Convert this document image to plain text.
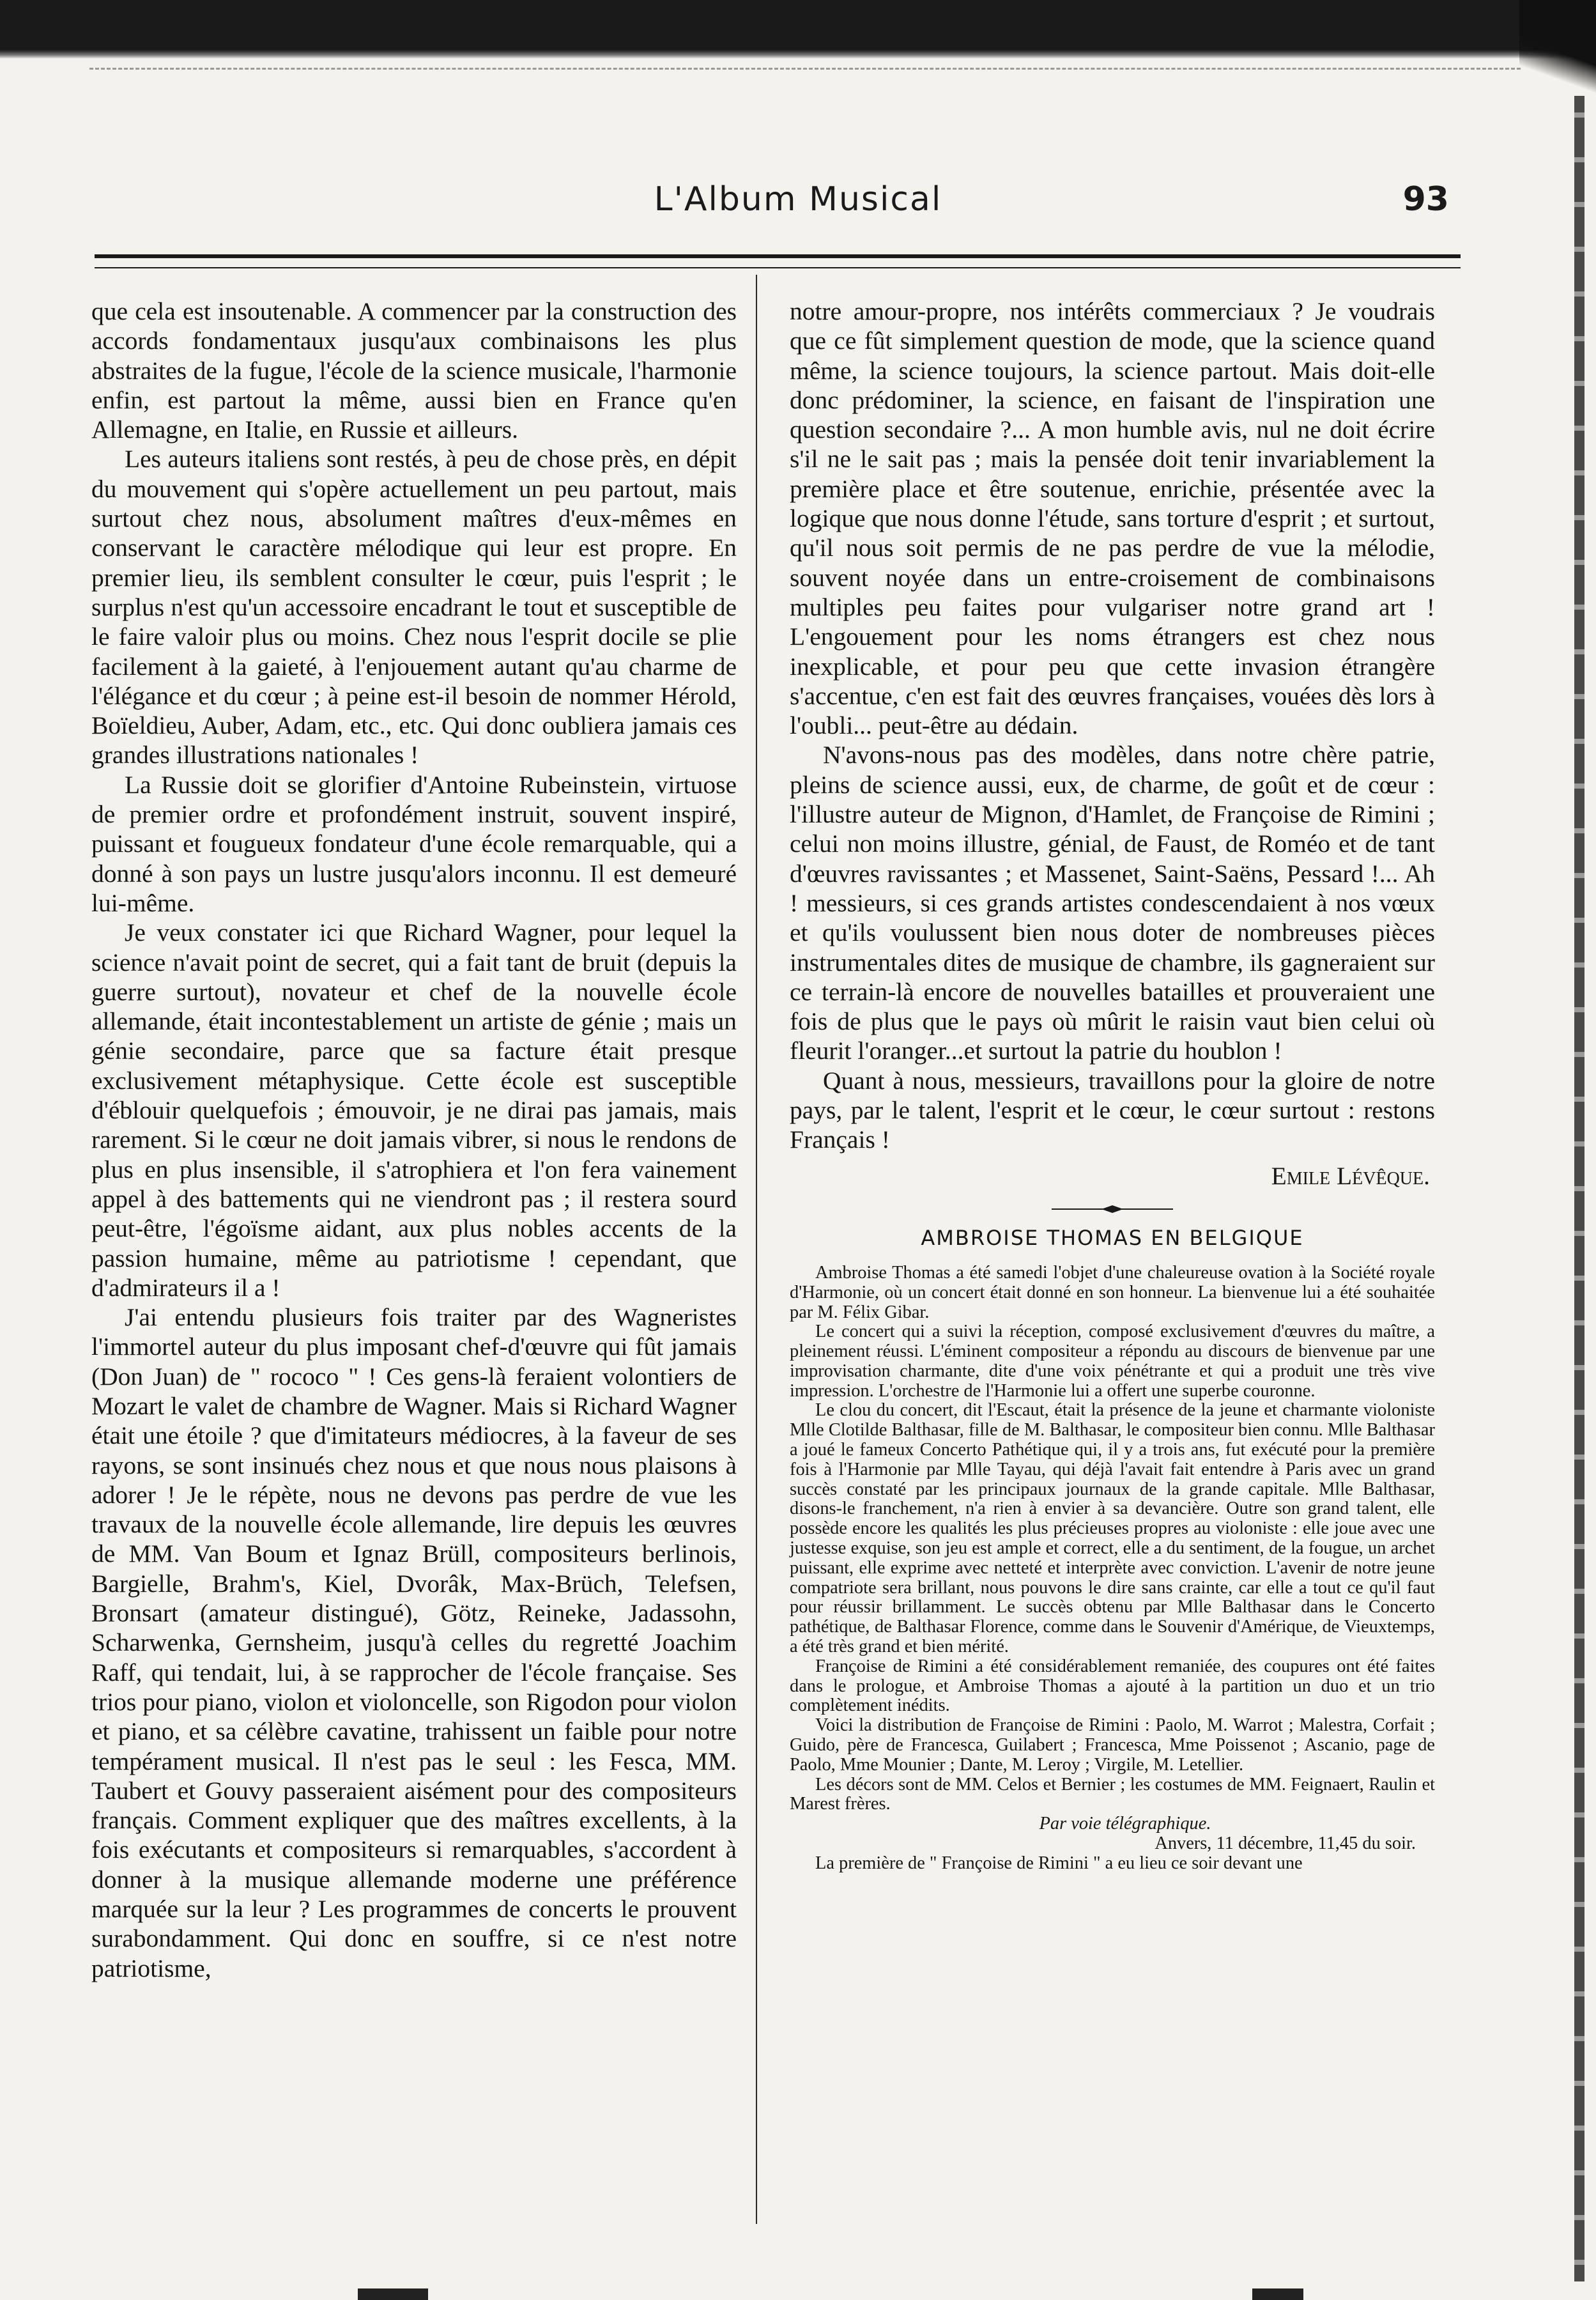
L'Album Musical	93

que cela est insoutenable. A commencer par la construction des accords fondamentaux jusqu'aux combinaisons les plus abstraites de la fugue, l'école de la science musicale, l'harmonie enfin, est partout la même, aussi bien en France qu'en Allemagne, en Italie, en Russie et ailleurs.

Les auteurs italiens sont restés, à peu de chose près, en dépit du mouvement qui s'opère actuellement un peu partout, mais surtout chez nous, absolument maîtres d'eux-mêmes en conservant le caractère mélodique qui leur est propre. En premier lieu, ils semblent consulter le cœur, puis l'esprit ; le surplus n'est qu'un accessoire encadrant le tout et susceptible de le faire valoir plus ou moins. Chez nous l'esprit docile se plie facilement à la gaieté, à l'enjouement autant qu'au charme de l'élégance et du cœur ; à peine est-il besoin de nommer Hérold, Boïeldieu, Auber, Adam, etc., etc. Qui donc oubliera jamais ces grandes illustrations nationales !

La Russie doit se glorifier d'Antoine Rubeinstein, virtuose de premier ordre et profondément instruit, souvent inspiré, puissant et fougueux fondateur d'une école remarquable, qui a donné à son pays un lustre jusqu'alors inconnu. Il est demeuré lui-même.

Je veux constater ici que Richard Wagner, pour lequel la science n'avait point de secret, qui a fait tant de bruit (depuis la guerre surtout), novateur et chef de la nouvelle école allemande, était incontestablement un artiste de génie ; mais un génie secondaire, parce que sa facture était presque exclusivement métaphysique. Cette école est susceptible d'éblouir quelquefois ; émouvoir, je ne dirai pas jamais, mais rarement. Si le cœur ne doit jamais vibrer, si nous le rendons de plus en plus insensible, il s'atrophiera et l'on fera vainement appel à des battements qui ne viendront pas ; il restera sourd peut-être, l'égoïsme aidant, aux plus nobles accents de la passion humaine, même au patriotisme ! cependant, que d'admirateurs il a !

J'ai entendu plusieurs fois traiter par des Wagneristes l'immortel auteur du plus imposant chef-d'œuvre qui fût jamais (Don Juan) de " rococo " ! Ces gens-là feraient volontiers de Mozart le valet de chambre de Wagner. Mais si Richard Wagner était une étoile ? que d'imitateurs médiocres, à la faveur de ses rayons, se sont insinués chez nous et que nous nous plaisons à adorer ! Je le répète, nous ne devons pas perdre de vue les travaux de la nouvelle école allemande, lire depuis les œuvres de MM. Van Boum et Ignaz Brüll, compositeurs berlinois, Bargielle, Brahm's, Kiel, Dvorâk, Max-Brüch, Telefsen, Bronsart (amateur distingué), Götz, Reineke, Jadassohn, Scharwenka, Gernsheim, jusqu'à celles du regretté Joachim Raff, qui tendait, lui, à se rapprocher de l'école française. Ses trios pour piano, violon et violoncelle, son Rigodon pour violon et piano, et sa célèbre cavatine, trahissent un faible pour notre tempérament musical. Il n'est pas le seul : les Fesca, MM. Taubert et Gouvy passeraient aisément pour des compositeurs français. Comment expliquer que des maîtres excellents, à la fois exécutants et compositeurs si remarquables, s'accordent à donner à la musique allemande moderne une préférence marquée sur la leur ? Les programmes de concerts le prouvent surabondamment. Qui donc en souffre, si ce n'est notre patriotisme,

notre amour-propre, nos intérêts commerciaux ? Je voudrais que ce fût simplement question de mode, que la science quand même, la science toujours, la science partout. Mais doit-elle donc prédominer, la science, en faisant de l'inspiration une question secondaire ?... A mon humble avis, nul ne doit écrire s'il ne le sait pas ; mais la pensée doit tenir invariablement la première place et être soutenue, enrichie, présentée avec la logique que nous donne l'étude, sans torture d'esprit ; et surtout, qu'il nous soit permis de ne pas perdre de vue la mélodie, souvent noyée dans un entre-croisement de combinaisons multiples peu faites pour vulgariser notre grand art ! L'engouement pour les noms étrangers est chez nous inexplicable, et pour peu que cette invasion étrangère s'accentue, c'en est fait des œuvres françaises, vouées dès lors à l'oubli... peut-être au dédain.

N'avons-nous pas des modèles, dans notre chère patrie, pleins de science aussi, eux, de charme, de goût et de cœur : l'illustre auteur de Mignon, d'Hamlet, de Françoise de Rimini ; celui non moins illustre, génial, de Faust, de Roméo et de tant d'œuvres ravissantes ; et Massenet, Saint-Saëns, Pessard !... Ah ! messieurs, si ces grands artistes condescendaient à nos vœux et qu'ils voulussent bien nous doter de nombreuses pièces instrumentales dites de musique de chambre, ils gagneraient sur ce terrain-là encore de nouvelles batailles et prouveraient une fois de plus que le pays où mûrit le raisin vaut bien celui où fleurit l'oranger...et surtout la patrie du houblon !

Quant à nous, messieurs, travaillons pour la gloire de notre pays, par le talent, l'esprit et le cœur, le cœur surtout : restons Français !

Emile Lévêque.
AMBROISE THOMAS EN BELGIQUE

Ambroise Thomas a été samedi l'objet d'une chaleureuse ovation à la Société royale d'Harmonie, où un concert était donné en son honneur. La bienvenue lui a été souhaitée par M. Félix Gibar.

Le concert qui a suivi la réception, composé exclusivement d'œuvres du maître, a pleinement réussi. L'éminent compositeur a répondu au discours de bienvenue par une improvisation charmante, dite d'une voix pénétrante et qui a produit une très vive impression. L'orchestre de l'Harmonie lui a offert une superbe couronne.

Le clou du concert, dit l'Escaut, était la présence de la jeune et charmante violoniste Mlle Clotilde Balthasar, fille de M. Balthasar, le compositeur bien connu. Mlle Balthasar a joué le fameux Concerto Pathétique qui, il y a trois ans, fut exécuté pour la première fois à l'Harmonie par Mlle Tayau, qui déjà l'avait fait entendre à Paris avec un grand succès constaté par les principaux journaux de la grande capitale. Mlle Balthasar, disons-le franchement, n'a rien à envier à sa devancière. Outre son grand talent, elle possède encore les qualités les plus précieuses propres au violoniste : elle joue avec une justesse exquise, son jeu est ample et correct, elle a du sentiment, de la fougue, un archet puissant, elle exprime avec netteté et interprète avec conviction. L'avenir de notre jeune compatriote sera brillant, nous pouvons le dire sans crainte, car elle a tout ce qu'il faut pour réussir brillamment. Le succès obtenu par Mlle Balthasar dans le Concerto pathétique, de Balthasar Florence, comme dans le Souvenir d'Amérique, de Vieuxtemps, a été très grand et bien mérité.

Françoise de Rimini a été considérablement remaniée, des coupures ont été faites dans le prologue, et Ambroise Thomas a ajouté à la partition un duo et un trio complètement inédits.

Voici la distribution de Françoise de Rimini : Paolo, M. Warrot ; Malestra, Corfait ; Guido, père de Francesca, Guilabert ; Francesca, Mme Poissenot ; Ascanio, page de Paolo, Mme Mounier ; Dante, M. Leroy ; Virgile, M. Letellier.

Les décors sont de MM. Celos et Bernier ; les costumes de MM. Feignaert, Raulin et Marest frères.

Par voie télégraphique.

Anvers, 11 décembre, 11,45 du soir.

La première de " Françoise de Rimini " a eu lieu ce soir devant une
